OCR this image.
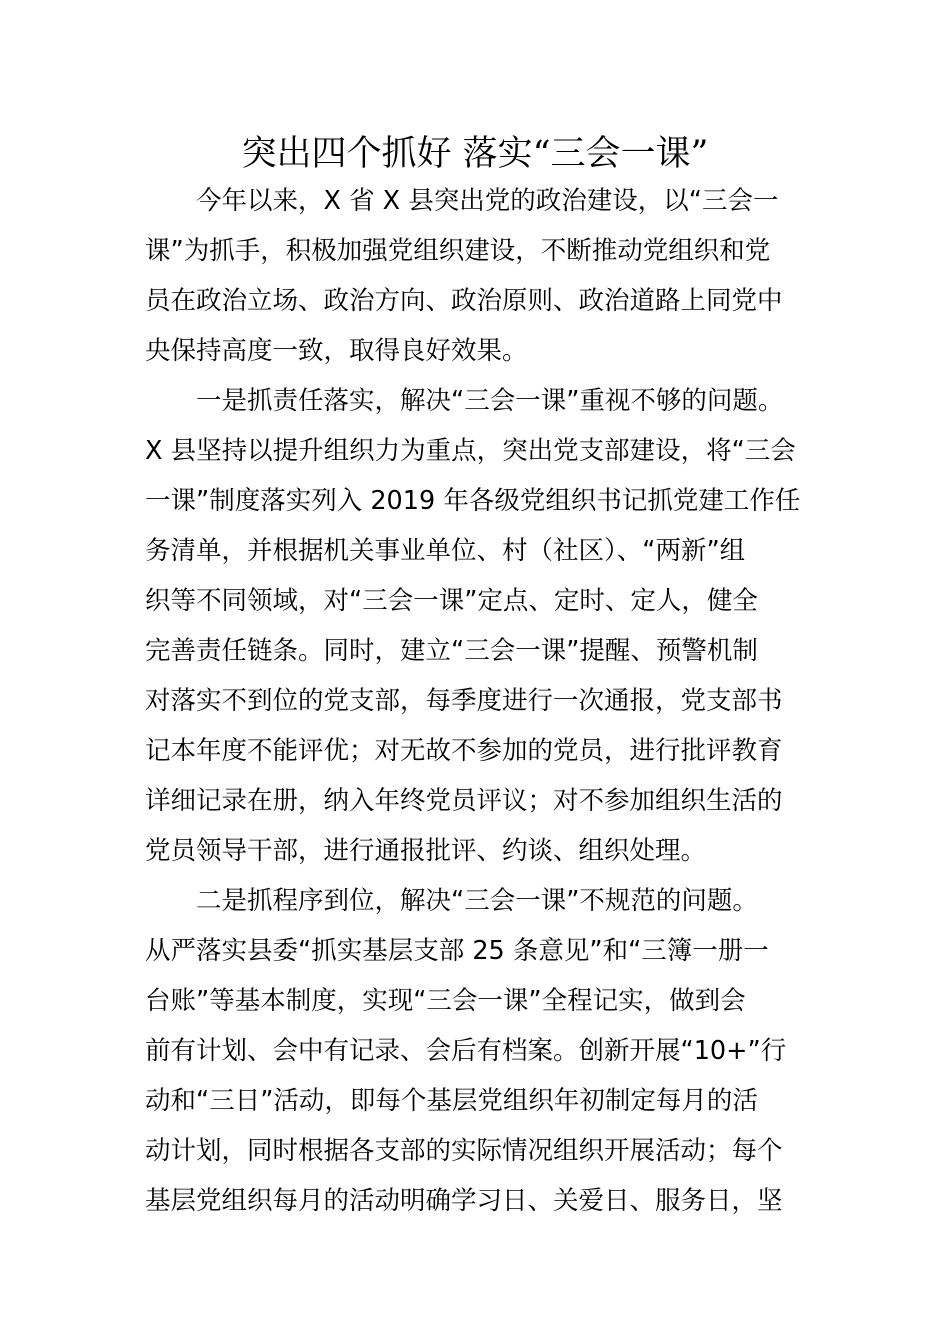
突出四个抓好 落实“三会一课”
今年以来，X 省 X 县突出党的政治建设，以“三会一
课”为抓手，积极加强党组织建设，不断推动党组织和党
员在政治立场、政治方向、政治原则、政治道路上同党中
央保持高度一致，取得良好效果。
一是抓责任落实，解决“三会一课”重视不够的问题。
X 县坚持以提升组织力为重点，突出党支部建设，将“三会
一课”制度落实列入 2019 年各级党组织书记抓党建工作任
务清单，并根据机关事业单位、村（社区）、“两新”组
织等不同领域，对“三会一课”定点、定时、定人，健全
完善责任链条。同时，建立“三会一课”提醒、预警机制
对落实不到位的党支部，每季度进行一次通报，党支部书
记本年度不能评优；对无故不参加的党员，进行批评教育
详细记录在册，纳入年终党员评议；对不参加组织生活的
党员领导干部，进行通报批评、约谈、组织处理。
二是抓程序到位，解决“三会一课”不规范的问题。
从严落实县委“抓实基层支部 25 条意见”和“三簿一册一
台账”等基本制度，实现“三会一课”全程记实，做到会
前有计划、会中有记录、会后有档案。创新开展“10+”行
动和“三日”活动，即每个基层党组织年初制定每月的活
动计划，同时根据各支部的实际情况组织开展活动；每个
基层党组织每月的活动明确学习日、关爱日、服务日，坚
